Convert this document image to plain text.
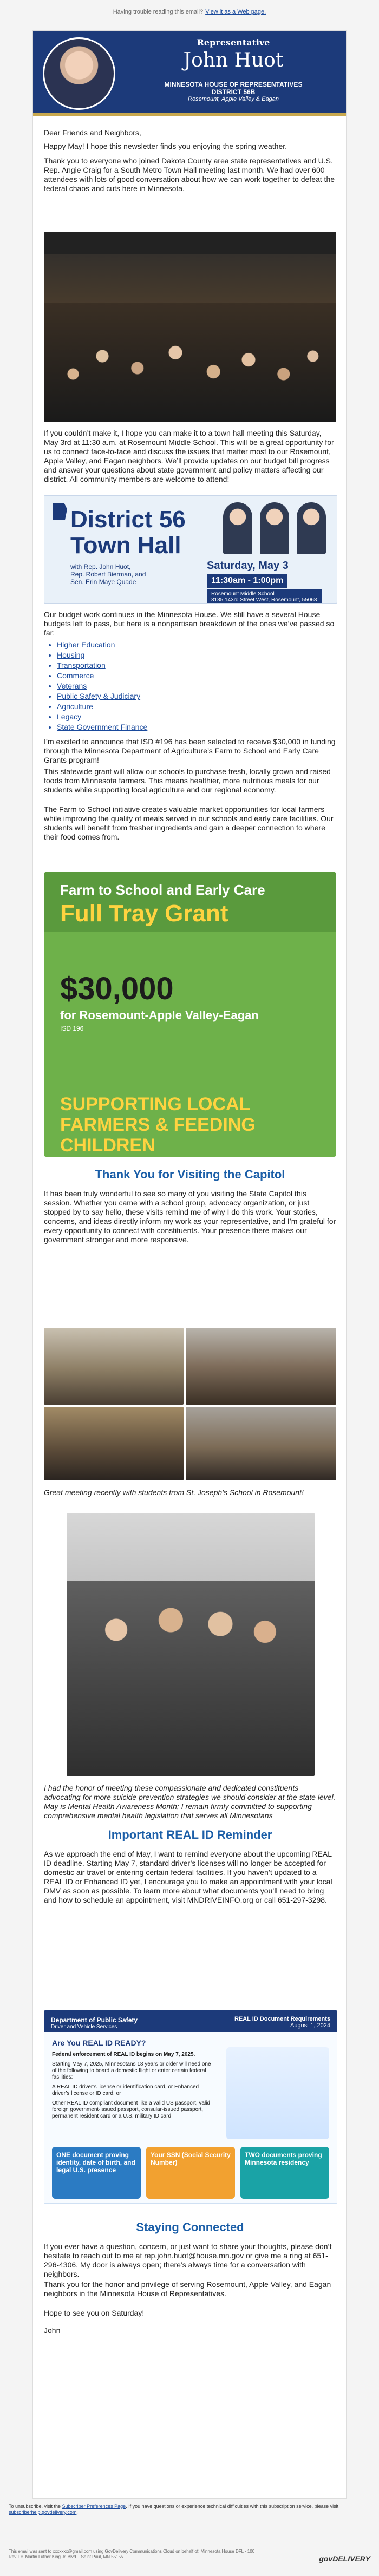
Having trouble reading this email? View it as a Web page.
Representative
John Huot
MINNESOTA HOUSE OF REPRESENTATIVES
DISTRICT 56B
Rosemount, Apple Valley & Eagan

Dear Friends and Neighbors,

Happy May! I hope this newsletter finds you enjoying the spring weather.

Thank you to everyone who joined Dakota County area state representatives and U.S. Rep. Angie Craig for a South Metro Town Hall meeting last month. We had over 600 attendees with lots of good conversation about how we can work together to defeat the federal chaos and cuts here in Minnesota.

If you couldn’t make it, I hope you can make it to a town hall meeting this Saturday, May 3rd at 11:30 a.m. at Rosemount Middle School. This will be a great opportunity for us to connect face-to-face and discuss the issues that matter most to our Rosemount, Apple Valley, and Eagan neighbors. We’ll provide updates on our budget bill progress and answer your questions about state government and policy matters affecting our district. All community members are welcome to attend!

District 56
Town Hall
with Rep. John Huot,
Rep. Robert Bierman, and
Sen. Erin Maye Quade
Saturday, May 3
11:30am - 1:00pm
Rosemount Middle School
3135 143rd Street West, Rosemount, 55068

Our budget work continues in the Minnesota House. We still have a several House budgets left to pass, but here is a nonpartisan breakdown of the ones we’ve passed so far:

• Higher Education
• Housing
• Transportation
• Commerce
• Veterans
• Public Safety & Judiciary
• Agriculture
• Legacy
• State Government Finance

I’m excited to announce that ISD #196 has been selected to receive $30,000 in funding through the Minnesota Department of Agriculture’s Farm to School and Early Care Grants program!

This statewide grant will allow our schools to purchase fresh, locally grown and raised foods from Minnesota farmers. This means healthier, more nutritious meals for our students while supporting local agriculture and our regional economy.

The Farm to School initiative creates valuable market opportunities for local farmers while improving the quality of meals served in our schools and early care facilities. Our students will benefit from fresher ingredients and gain a deeper connection to where their food comes from.

Farm to School and Early Care
Full Tray Grant
$30,000
for Rosemount-Apple Valley-Eagan
ISD 196
SUPPORTING LOCAL FARMERS & FEEDING CHILDREN
Thank You for Visiting the Capitol

It has been truly wonderful to see so many of you visiting the State Capitol this session. Whether you came with a school group, advocacy organization, or just stopped by to say hello, these visits remind me of why I do this work. Your stories, concerns, and ideas directly inform my work as your representative, and I’m grateful for every opportunity to connect with constituents. Your presence there makes our government stronger and more responsive.

Great meeting recently with students from St. Joseph’s School in Rosemount!

I had the honor of meeting these compassionate and dedicated constituents advocating for more suicide prevention strategies we should consider at the state level. May is Mental Health Awareness Month; I remain firmly committed to supporting comprehensive mental health legislation that serves all Minnesotans

Important REAL ID Reminder

As we approach the end of May, I want to remind everyone about the upcoming REAL ID deadline. Starting May 7, standard driver’s licenses will no longer be accepted for domestic air travel or entering certain federal facilities. If you haven’t updated to a REAL ID or Enhanced ID yet, I encourage you to make an appointment with your local DMV as soon as possible. To learn more about what documents you’ll need to bring and how to schedule an appointment, visit MNDRIVEINFO.org or call 651-297-3298.

Department of Public Safety
Driver and Vehicle Services
REAL ID Document Requirements
August 1, 2024
Are You REAL ID READY?
Federal enforcement of REAL ID begins on May 7, 2025.
Starting May 7, 2025, Minnesotans 18 years or older will need one of the following to board a domestic flight or enter certain federal facilities:
A REAL ID driver’s license or identification card, or Enhanced driver’s license or ID card, or
Other REAL ID compliant document like a valid US passport, valid foreign government-issued passport, consular-issued passport, permanent resident card or a U.S. military ID card.
ONE document proving identity, date of birth, and legal U.S. presence
Your SSN (Social Security Number)
TWO documents proving Minnesota residency
Staying Connected

If you ever have a question, concern, or just want to share your thoughts, please don’t hesitate to reach out to me at rep.john.huot@house.mn.gov or give me a ring at 651-296-4306. My door is always open; there’s always time for a conversation with neighbors.

Thank you for the honor and privilege of serving Rosemount, Apple Valley, and Eagan neighbors in the Minnesota House of Representatives.

Hope to see you on Saturday!

John

To unsubscribe, visit the Subscriber Preferences Page. If you have questions or experience technical difficulties with this subscription service, please visit subscriberhelp.govdelivery.com.

This email was sent to xxxxxxx@gmail.com using GovDelivery Communications Cloud on behalf of: Minnesota House DFL · 100
Rev. Dr. Martin Luther King Jr. Blvd. · Saint Paul, MN 55155	govDELIVERY
